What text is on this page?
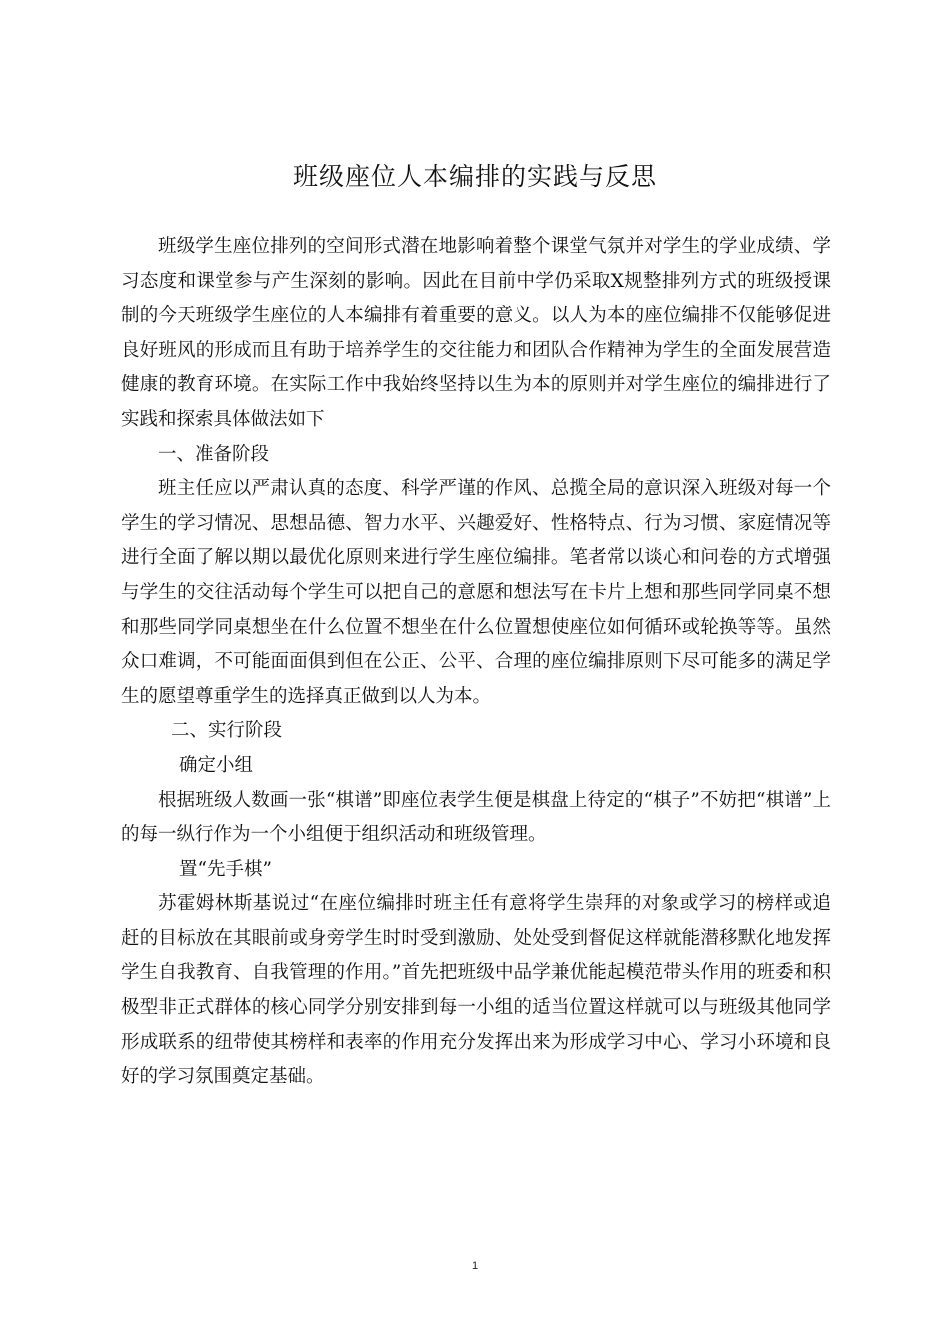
班级座位人本编排的实践与反思

班级学生座位排列的空间形式潜在地影响着整个课堂气氛并对学生的学业成绩、学习态度和课堂参与产生深刻的影响。因此在目前中学仍采取X规整排列方式的班级授课制的今天班级学生座位的人本编排有着重要的意义。以人为本的座位编排不仅能够促进良好班风的形成而且有助于培养学生的交往能力和团队合作精神为学生的全面发展营造健康的教育环境。在实际工作中我始终坚持以生为本的原则并对学生座位的编排进行了实践和探索具体做法如下

一、准备阶段

班主任应以严肃认真的态度、科学严谨的作风、总揽全局的意识深入班级对每一个学生的学习情况、思想品德、智力水平、兴趣爱好、性格特点、行为习惯、家庭情况等进行全面了解以期以最优化原则来进行学生座位编排。笔者常以谈心和问卷的方式增强与学生的交往活动每个学生可以把自己的意愿和想法写在卡片上想和那些同学同桌不想和那些同学同桌想坐在什么位置不想坐在什么位置想使座位如何循环或轮换等等。虽然众口难调，不可能面面俱到但在公正、公平、合理的座位编排原则下尽可能多的满足学生的愿望尊重学生的选择真正做到以人为本。

二、实行阶段

确定小组

根据班级人数画一张“棋谱”即座位表学生便是棋盘上待定的“棋子”不妨把“棋谱”上的每一纵行作为一个小组便于组织活动和班级管理。

置“先手棋”

苏霍姆林斯基说过“在座位编排时班主任有意将学生崇拜的对象或学习的榜样或追赶的目标放在其眼前或身旁学生时时受到激励、处处受到督促这样就能潜移默化地发挥学生自我教育、自我管理的作用。”首先把班级中品学兼优能起模范带头作用的班委和积极型非正式群体的核心同学分别安排到每一小组的适当位置这样就可以与班级其他同学形成联系的纽带使其榜样和表率的作用充分发挥出来为形成学习中心、学习小环境和良好的学习氛围奠定基础。

1
